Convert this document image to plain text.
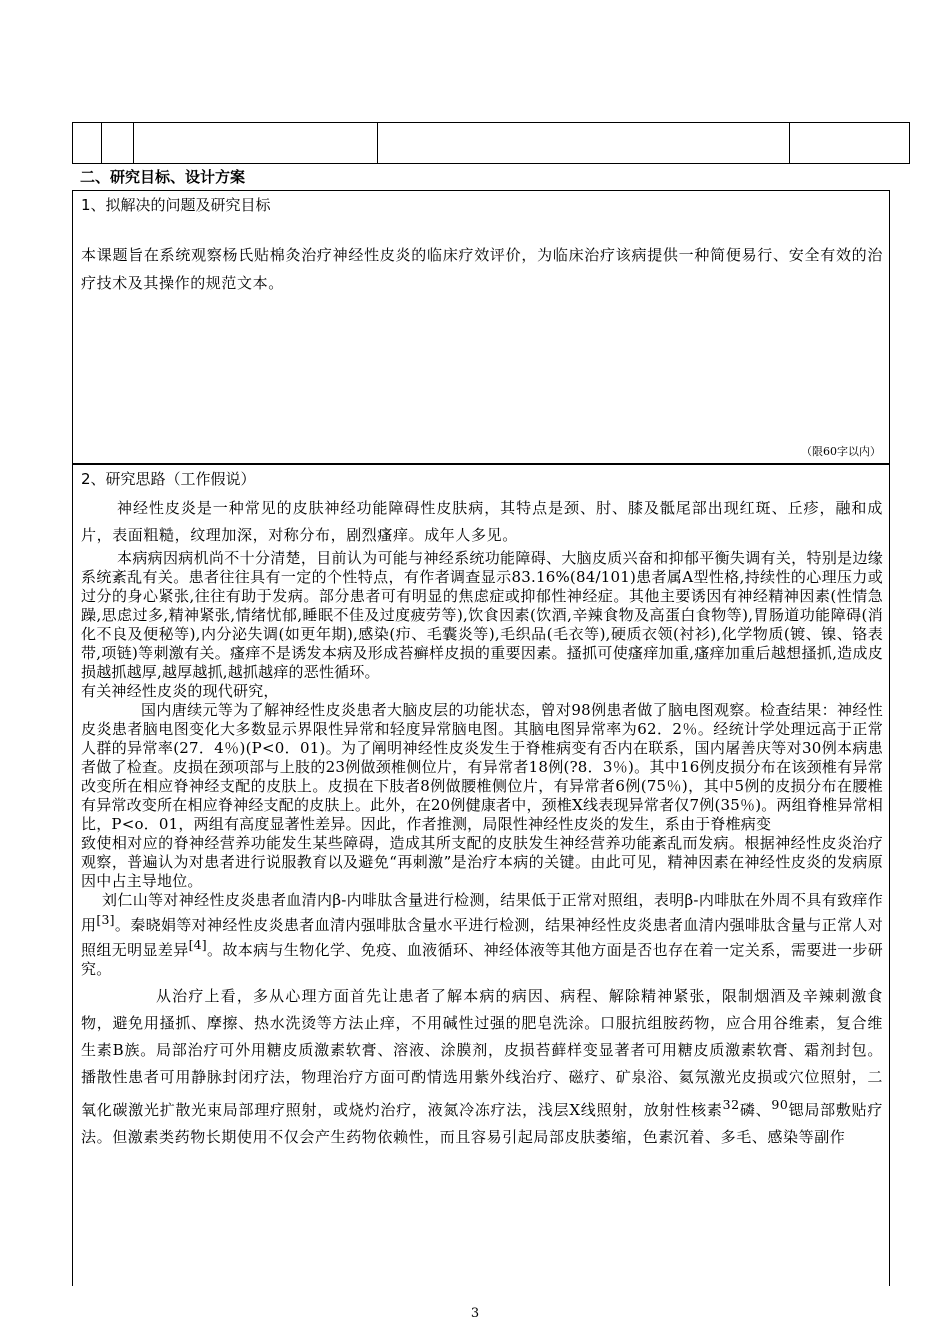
二、研究目标、设计方案
1、拟解决的问题及研究目标
本课题旨在系统观察杨氏贴棉灸治疗神经性皮炎的临床疗效评价，为临床治疗该病提供一种简便易行、安全有效的治疗技术及其操作的规范文本。
（限60字以内）
2、研究思路（工作假说）

神经性皮炎是一种常见的皮肤神经功能障碍性皮肤病，其特点是颈、肘、膝及骶尾部出现红斑、丘疹，融和成片，表面粗糙，纹理加深，对称分布，剧烈瘙痒。成年人多见。

本病病因病机尚不十分清楚，目前认为可能与神经系统功能障碍、大脑皮质兴奋和抑郁平衡失调有关，特别是边缘系统紊乱有关。患者往往具有一定的个性特点，有作者调查显示83.16%(84/101)患者属A型性格,持续性的心理压力或过分的身心紧张,往往有助于发病。部分患者可有明显的焦虑症或抑郁性神经症。其他主要诱因有神经精神因素(性情急躁,思虑过多,精神紧张,情绪忧郁,睡眠不佳及过度疲劳等),饮食因素(饮酒,辛辣食物及高蛋白食物等),胃肠道功能障碍(消化不良及便秘等),内分泌失调(如更年期),感染(疖、毛囊炎等),毛织品(毛衣等),硬质衣领(衬衫),化学物质(镀、镍、铬表带,项链)等刺激有关。瘙痒不是诱发本病及形成苔癣样皮损的重要因素。搔抓可使瘙痒加重,瘙痒加重后越想搔抓,造成皮损越抓越厚,越厚越抓,越抓越痒的恶性循环。

有关神经性皮炎的现代研究，

国内唐续元等为了解神经性皮炎患者大脑皮层的功能状态，曾对98例患者做了脑电图观察。检查结果：神经性皮炎患者脑电图变化大多数显示界限性异常和轻度异常脑电图。其脑电图异常率为62．2％。经统计学处理远高于正常人群的异常率(27．4％)(P<0．01)。为了阐明神经性皮炎发生于脊椎病变有否内在联系，国内屠善庆等对30例本病患者做了检查。皮损在颈项部与上肢的23例做颈椎侧位片，有异常者18例(?8．3％)。其中16例皮损分布在该颈椎有异常改变所在相应脊神经支配的皮肤上。皮损在下肢者8例做腰椎侧位片，有异常者6例(75％)，其中5例的皮损分布在腰椎有异常改变所在相应脊神经支配的皮肤上。此外，在20例健康者中，颈椎X线表现异常者仅7例(35％)。两组脊椎异常相比，P<o．01，两组有高度显著性差异。因此，作者推测，局限性神经性皮炎的发生，系由于脊椎病变

致使相对应的脊神经营养功能发生某些障碍，造成其所支配的皮肤发生神经营养功能紊乱而发病。根据神经性皮炎治疗观察，普遍认为对患者进行说服教育以及避免“再刺激”是治疗本病的关键。由此可见，精神因素在神经性皮炎的发病原因中占主导地位。

刘仁山等对神经性皮炎患者血清内β-内啡肽含量进行检测，结果低于正常对照组，表明β-内啡肽在外周不具有致痒作用[3]。秦晓娟等对神经性皮炎患者血清内强啡肽含量水平进行检测，结果神经性皮炎患者血清内强啡肽含量与正常人对照组无明显差异[4]。故本病与生物化学、免疫、血液循环、神经体液等其他方面是否也存在着一定关系，需要进一步研究。

从治疗上看，多从心理方面首先让患者了解本病的病因、病程、解除精神紧张，限制烟酒及辛辣刺激食物，避免用搔抓、摩擦、热水洗烫等方法止痒，不用碱性过强的肥皂洗涂。口服抗组胺药物，应合用谷维素，复合维生素B族。局部治疗可外用糖皮质激素软膏、溶液、涂膜剂，皮损苔藓样变显著者可用糖皮质激素软膏、霜剂封包。播散性患者可用静脉封闭疗法，物理治疗方面可酌情选用紫外线治疗、磁疗、矿泉浴、氦氖激光皮损或穴位照射，二氧化碳激光扩散光束局部理疗照射，或烧灼治疗，液氮冷冻疗法，浅层X线照射，放射性核素$^{32}$磷、$^{90}$锶局部敷贴疗法。但激素类药物长期使用不仅会产生药物依赖性，而且容易引起局部皮肤萎缩，色素沉着、多毛、感染等副作

3
